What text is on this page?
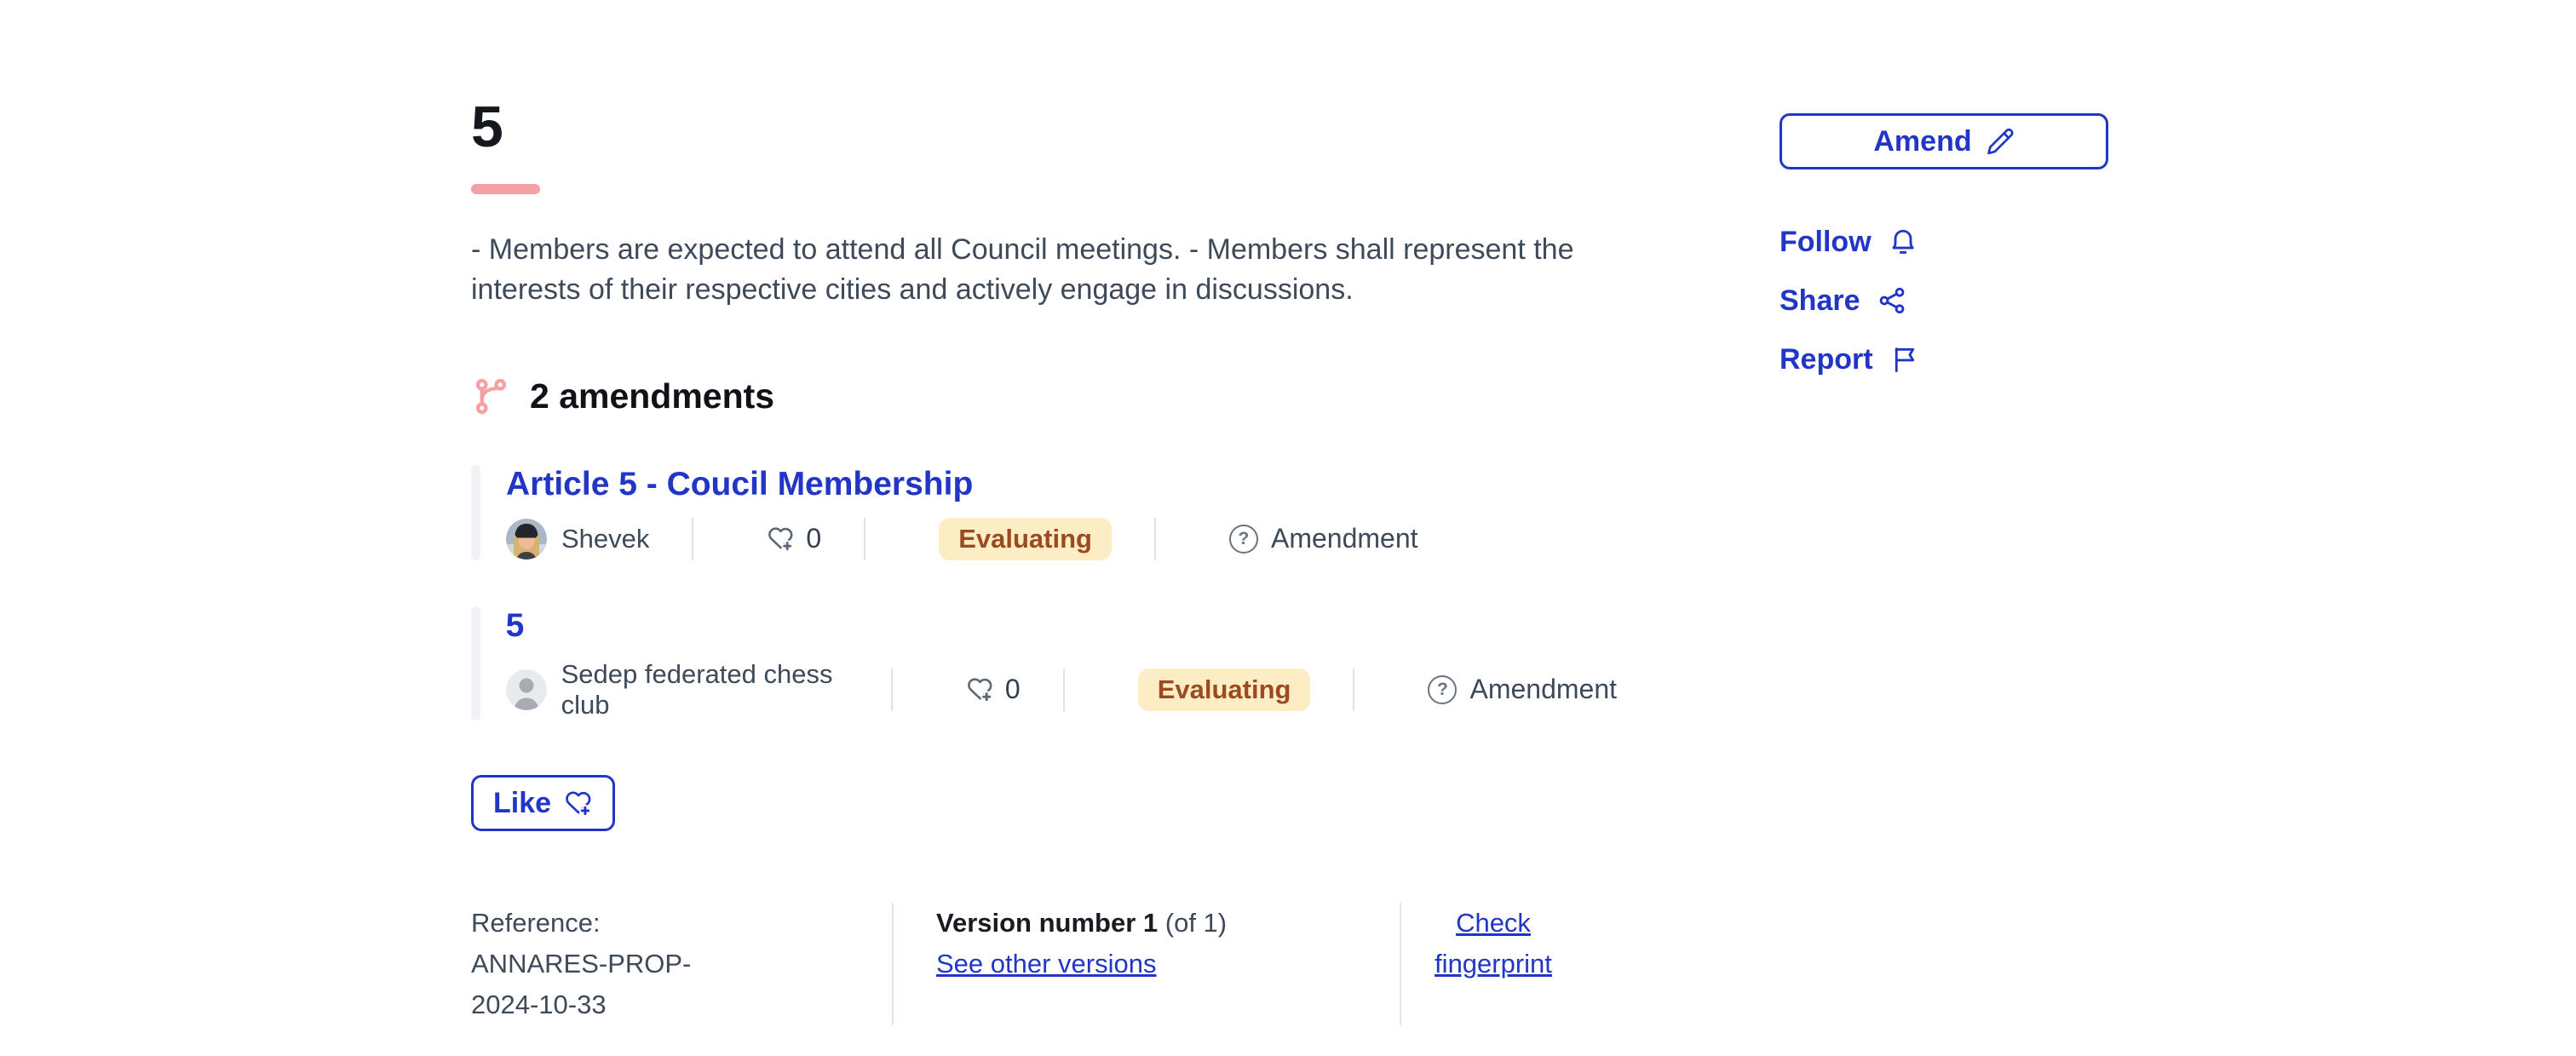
5

- Members are expected to attend all Council meetings. - Members shall represent the interests of their respective cities and actively engage in discussions.

2 amendments
Article 5 - Coucil Membership
Shevek	0	Evaluating	? Amendment
5
Sedep federated chess club	0	Evaluating	? Amendment
Like
Reference: ANNARES-PROP-2024-10-33
Version number 1 (of 1)
See other versions
Check fingerprint
Amend
Follow
Share
Report
